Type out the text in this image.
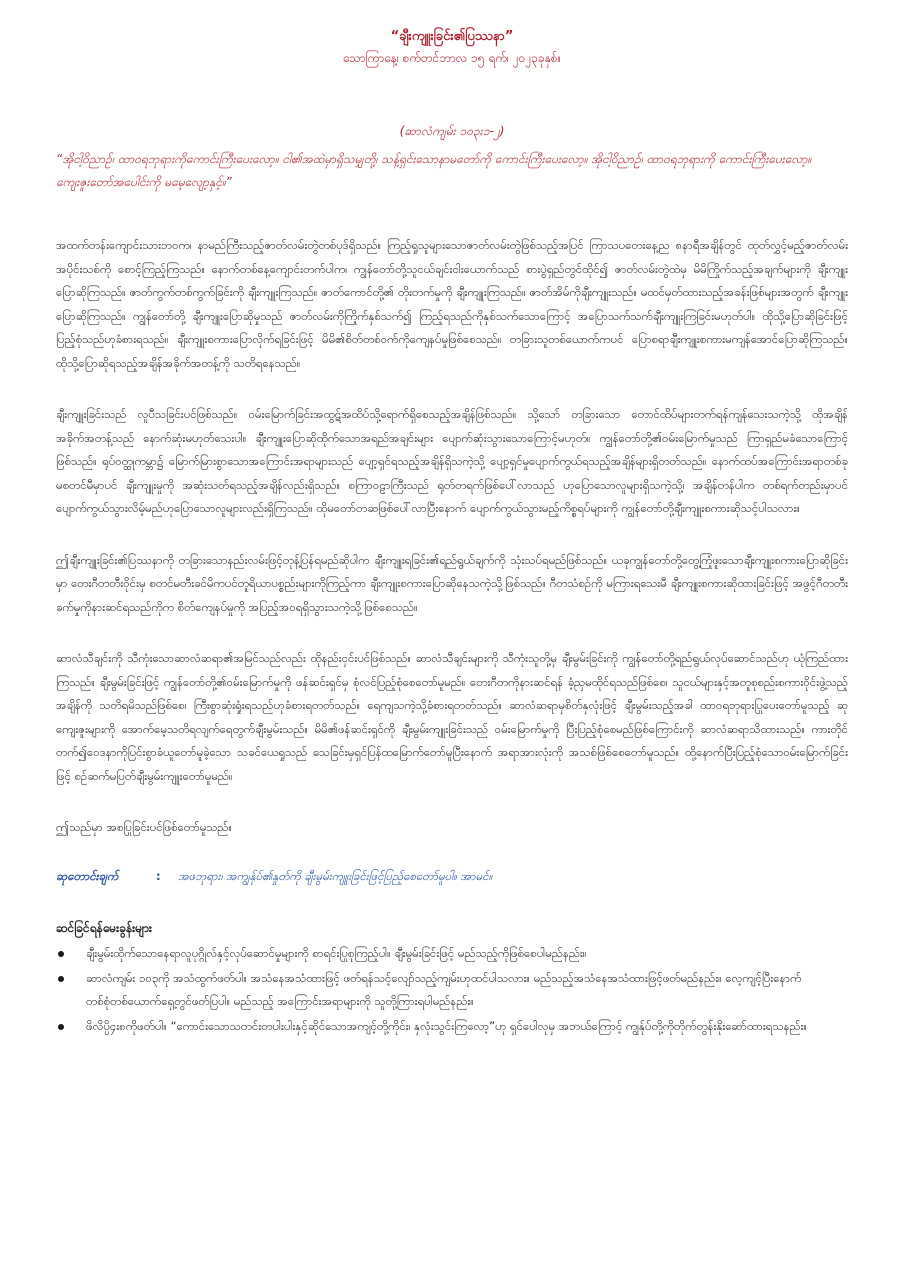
“ချီးကျူးခြင်း၏ပြဿနာ”
သောကြာနေ့၊ စက်တင်ဘာလ ၁၅ ရက်၊ ၂၀၂၃ခုနှစ်။
(ဆာလံကျမ်း ၁၀၃း၁-၂)
“အိုငါ့ဝိညာဉ်၊ ထာဝရဘုရားကိုကောင်းကြီးပေးလော့။ ငါ၏အထဲမှာရှိသမျှတို့၊ သန့်ရှင်းသောနာမတော်ကို ကောင်းကြီးပေးလော့။ အိုငါ့ဝိညာဉ်၊ ထာဝရဘုရားကို ကောင်းကြီးပေးလော့။ ကျေးဇူးတော်အပေါင်းကို မမေ့လျော့နှင့်။”

အထက်တန်းကျောင်းသားဘဝက၊ နာမည်ကြီးသည့်ဇာတ်လမ်းတွဲတစ်ပုဒ်ရှိသည်။ ကြည့်ရှုသူများသောဇာတ်လမ်းတွဲဖြစ်သည့်အပြင် ကြာသပတေးနေ့ည ၈နာရီအချိန်တွင် ထုတ်လွှင့်မည့်ဇာတ်လမ်းအပိုင်းသစ်ကို စောင့်ကြည့်ကြသည်။ နောက်တစ်နေ့ကျောင်းတက်ပါက၊ ကျွန်တော်တို့သူငယ်ချင်းငါးယောက်သည် စားပွဲရှည်တွင်ထိုင်၍ ဇာတ်လမ်းတွဲထဲမှ မိမိကြိုက်သည့်အချက်များကို ချီးကျူးပြောဆိုကြသည်။ ဇာတ်ကွက်တစ်ကွက်ခြင်းကို ချီးကျူးကြသည်။ ဇာတ်ကောင်တို့၏ တိုးတက်မှုကို ချီးကျူးကြသည်။ ဇာတ်အိမ်ကိုချီးကျူးသည်။ မထင်မှတ်ထားသည့်အခန်းဖြစ်များအတွက် ချီးကျူးပြောဆိုကြသည်။ ကျွန်တော်တို့ ချီးကျူးပြောဆိုမှုသည် ဇာတ်လမ်းကိုကြိုက်နှစ်သက်၍ ကြည့်ရသည်ကိုနှစ်သက်သောကြောင့် အပြောသက်သက်ချီးကျူးကြခြင်းမဟုတ်ပါ။ ထိုသို့ပြောဆိုခြင်းဖြင့် ပြည့်စုံသည်ဟုခံစားရသည်။ ချီးကျူးစကားပြောလိုက်ရခြင်းဖြင့် မိမိ၏စိတ်တစ်ဝက်ကိုကျေနပ်မှုဖြစ်စေသည်။ တခြားသူတစ်ယောက်ကပင် ပြောစရာချီးကျူးစကားမကျန်အောင်ပြောဆိုကြသည်။ ထိုသို့ပြောဆိုရသည့်အချိန်အခိုက်အတန့်ကို သတိရနေသည်။

ချီးကျူးခြင်းသည် လူပီသခြင်းပင်ဖြစ်သည်။ ဝမ်းမြောက်ခြင်းအထွဋ်အထိပ်သို့ရောက်ရှိစေသည့်အချိန်ဖြစ်သည်။ သို့သော် တခြားသော တောင်ထိပ်များတက်ရန်ကျန်သေးသကဲ့သို့ ထိုအချိန်အခိုက်အတန့်သည် နောက်ဆုံးမဟုတ်သေးပါ။ ချီးကျူးပြောဆိုထိုက်သောအရည်အချင်းများ ပျောက်ဆုံးသွားသောကြောင့်မဟုတ်။ ကျွန်တော်တို့၏ဝမ်းမြောက်မှုသည် ကြာရှည်မခံသောကြောင့်ဖြစ်သည်။ ရုပ်ဝတ္ထုကမ္ဘာ၌ မြောက်မြားစွာသောအကြောင်းအရာများသည် ပျော့ရှင်ရသည့်အချိန်ရှိသကဲ့သို့ ပျော့ရှင်မှုပျောက်ကွယ်ရသည့်အချိန်များရှိတတ်သည်။ နောက်ထပ်အကြောင်းအရာတစ်ခု မစတင်မီမှာပင် ချီးကျူးမှုကို အဆုံးသတ်ရသည့်အချိန်လည်းရှိသည်။ စကြာဝဠာကြီးသည် ရုတ်တရက်ဖြစ်ပေါ်လာသည် ဟုပြောသောလူများရှိသကဲ့သို့၊ အချိန်တန်ပါက တစ်ရက်တည်းမှာပင် ပျောက်ကွယ်သွားလိမ့်မည်ဟုပြောသောလူများလည်းရှိကြသည်။ ထိုမတော်တဆဖြစ်ပေါ်လာပြီးနောက် ပျောက်ကွယ်သွားမည့်ကိစ္စရပ်များကို ကျွန်တော်တို့ချီးကျူးစကားဆိုသင့်ပါသလား။

ဤချီးကျူးခြင်း၏ပြဿနာကို တခြားသောနည်းလမ်းဖြင့်တုန့်ပြန်ရမည်ဆိုပါက ချီးကျူးရခြင်း၏ရည်ရွယ်ချက်ကို သုံးသပ်ရမည်ဖြစ်သည်။ ယခုကျွန်တော်တို့တွေ့ကြုံဖူးသောချီးကျူးစကားပြောဆိုခြင်းမှာ တေးဂီတတီးဝိုင်းမှ စတင်မတီးခင်မိကပင်တူရိယာပစ္စည်းများကိုကြည့်ကာ ချီးကျူးစကားပြောဆိုနေသကဲ့သို့ဖြစ်သည်။ ဂီတသံစဉ်ကို မကြားရသေးမီ ချီးကျူးစကားဆိုထားခြင်းဖြင့် အဖွင့်ဂီတတီးခက်မှုကိုနားဆင်ရသည်ကိုက စိတ်ကျေနပ်မှုကို အပြည့်အဝရရှိသွားသကဲ့သို့ဖြစ်စေသည်။

ဆာလံသီချင်းကို သီကုံးသောဆာလံဆရာ၏အမြင်သည်လည်း ထိုနည်းငှင်းပင်ဖြစ်သည်။ ဆာလံသီချင်းများကို သီကုံးသူတို့မှ ချီးမွမ်းခြင်းကို ကျွန်တော်တို့ရည်ရွယ်လုပ်ဆောင်သည်ဟု ယုံကြည်ထားကြသည်။ ချီးမွမ်းခြင်းဖြင့် ကျွန်တော်တို့၏ဝမ်းမြောက်မှုကို ဖန်ဆင်းရှင်မှ စုံလင်ပြည့်စုံစေတော်မူမည်။ တေးဂီတကိုနားဆင်ရန် ခံ့ညှမထိုင်ရသည်ဖြစ်စေ၊ သူငယ်များနှင့်အတူစုစည်းစကားဝိုင်းဖွဲ့သည့်အချိန်ကို သတိရမိသည်ဖြစ်စေ၊ ကြီးစွာဆုံးရှုံးရသည်ဟုခံစားရတတ်သည်။ ရေကျသကဲ့သို့ခံစားရတတ်သည်။ ဆာလံဆရာမှစိတ်နှလုံးဖြင့် ချီးမွမ်းသည့်အခါ ထာဝရဘုရားပြုပေးတော်မူသည့် ဆုကျေးဇူးများကို အောက်မေ့သတိရလျက်ရေတွက်ချီးမွမ်းသည်။ မိမိ၏ဖန်ဆင်းရှင်ကို ချီးမွမ်းကျူးခြင်းသည် ဝမ်းမြောက်မှုကို ပြီးပြည့်စုံစေမည်ဖြစ်ကြောင်းကို ဆာလံဆရာသိထားသည်။ ကားတိုင်တက်၍ဝေဒနာကိုပြင်းစွာခံယူတော်မူခဲ့သော သခင်ယေရှုသည် သေခြင်းမှရှင်ပြန်ထမြောက်တော်မူပြီးနောက် အရာအားလုံးကို အသစ်ဖြစ်စေတော်မူသည်။ ထို့နောက်ပြီးပြည့်စုံသောဝမ်းမြောက်ခြင်းဖြင့် စဉ်ဆက်မပြတ်ချီးမွမ်းကျူးတော်မူမည်။

ဤသည်မှာ အစပြုခြင်းပင်ဖြစ်တော်မူသည်။

ဆုတောင်းချက်	:	အဖဘုရား၊ အကျွန်ုပ်၏နှုတ်ကို ချီးမွမ်းကျူးခြင်းဖြင့်ပြည့်စေတော်မူပါ။ အာမင်။
ဆင်ခြင်ရန်မေးခွန်းများ
ချီးမွမ်းထိုက်သောနေရာလူပုဂ္ဂိုလ်နှင့်လုပ်ဆောင်မှုများကို စာရင်းပြုစုကြည့်ပါ။ ချီးမွမ်းခြင်းဖြင့် မည်သည့်ကိုဖြစ်စေပါမည်နည်း။
ဆာလံကျမ်း ၁၀၃ကို အသံထွက်ဖတ်ပါ။ အသံနေအသံထားဖြင့် ဖတ်ရန်သင့်လျော်သည့်ကျမ်းဟုထင်ပါသလား။ မည်သည့်အသံနေအသံထားဖြင့်ဖတ်မည်နည်း။ လေ့ကျင့်ပြီးနောက် တစ်စုံတစ်ယောက်ရှေ့တွင်ဖတ်ပြပါ။ မည်သည့် အကြောင်းအရာများကို သူတို့ကြားရပါမည်နည်း။
ဖိလိပ္ပိ၄း၈ကိုဖတ်ပါ။ “ကောင်းသောသတင်းတပါးပါးနှင့်ဆိုင်သောအကျင့်တို့ကိုင်း၊ နှလုံးသွင်းကြလော့”ဟု ရှင်ပေါလုမှ အဘယ်ကြောင့် ကျွန်ုပ်တို့ကိုတိုက်တွန်းနိုးဆော်ထားရသနည်း။
